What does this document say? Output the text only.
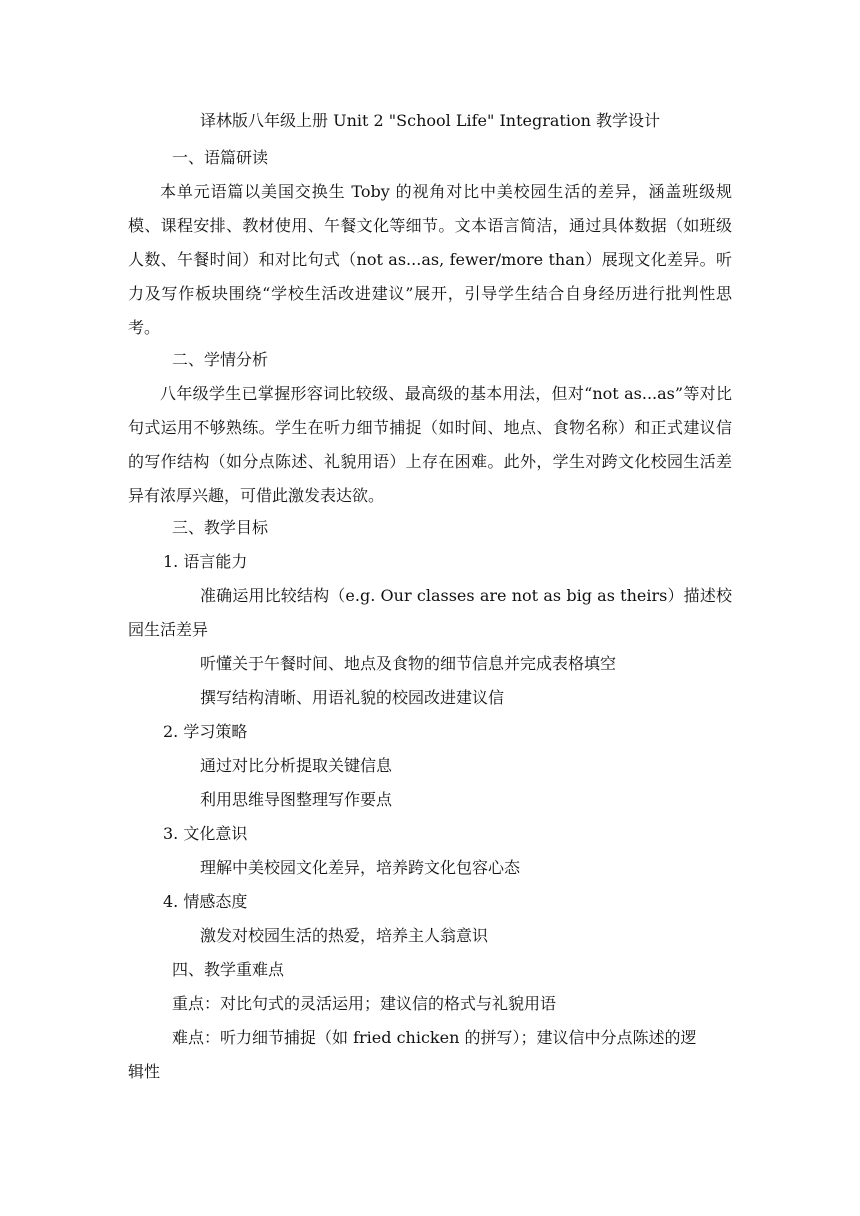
译林版八年级上册 Unit 2 "School Life" Integration 教学设计
一、语篇研读
本单元语篇以美国交换生 Toby 的视角对比中美校园生活的差异，涵盖班级规模、课程安排、教材使用、午餐文化等细节。文本语言简洁，通过具体数据（如班级人数、午餐时间）和对比句式（not as...as, fewer/more than）展现文化差异。听力及写作板块围绕“学校生活改进建议”展开，引导学生结合自身经历进行批判性思考。
二、学情分析
八年级学生已掌握形容词比较级、最高级的基本用法，但对“not as...as”等对比句式运用不够熟练。学生在听力细节捕捉（如时间、地点、食物名称）和正式建议信的写作结构（如分点陈述、礼貌用语）上存在困难。此外，学生对跨文化校园生活差异有浓厚兴趣，可借此激发表达欲。
三、教学目标
1. 语言能力
准确运用比较结构（e.g. Our classes are not as big as theirs）描述校园生活差异
听懂关于午餐时间、地点及食物的细节信息并完成表格填空
撰写结构清晰、用语礼貌的校园改进建议信
2. 学习策略
通过对比分析提取关键信息
利用思维导图整理写作要点
3. 文化意识
理解中美校园文化差异，培养跨文化包容心态
4. 情感态度
激发对校园生活的热爱，培养主人翁意识
四、教学重难点
重点：对比句式的灵活运用；建议信的格式与礼貌用语
难点：听力细节捕捉（如 fried chicken 的拼写）；建议信中分点陈述的逻
辑性
